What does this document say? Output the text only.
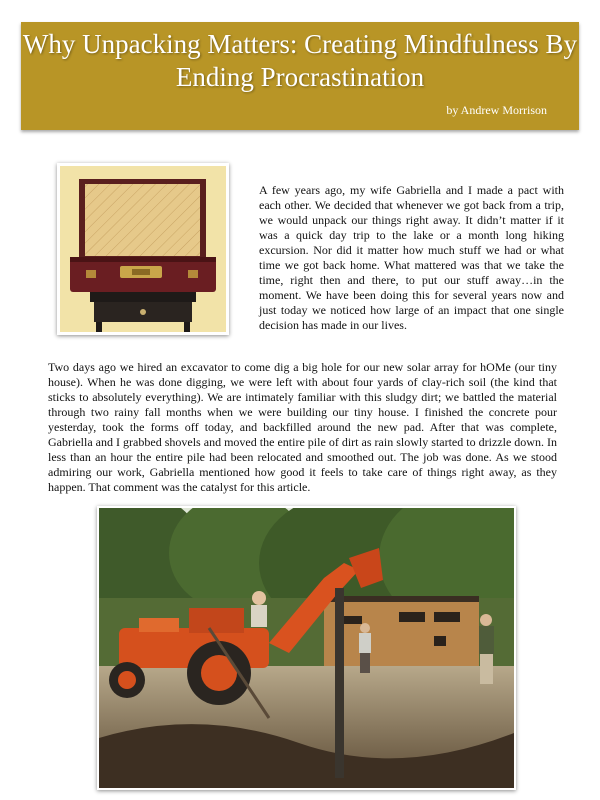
Why Unpacking Matters: Creating Mindfulness By Ending Procrastination
by Andrew Morrison

A few years ago, my wife Gabriella and I made a pact with each other. We decided that whenever we got back from a trip, we would unpack our things right away. It didn’t matter if it was a quick day trip to the lake or a month long hiking excursion. Nor did it matter how much stuff we had or what time we got back home. What mattered was that we take the time, right then and there, to put our stuff away…in the moment. We have been doing this for several years now and just today we noticed how large of an impact that one single decision has made in our lives.

Two days ago we hired an excavator to come dig a big hole for our new solar array for hOMe (our tiny house). When he was done digging, we were left with about four yards of clay-rich soil (the kind that sticks to absolutely everything). We are intimately familiar with this sludgy dirt; we battled the material through two rainy fall months when we were building our tiny house. I finished the concrete pour yesterday, took the forms off today, and backfilled around the new pad. After that was complete, Gabriella and I grabbed shovels and moved the entire pile of dirt as rain slowly started to drizzle down. In less than an hour the entire pile had been relocated and smoothed out. The job was done. As we stood admiring our work, Gabriella mentioned how good it feels to take care of things right away, as they happen. That comment was the catalyst for this article.
